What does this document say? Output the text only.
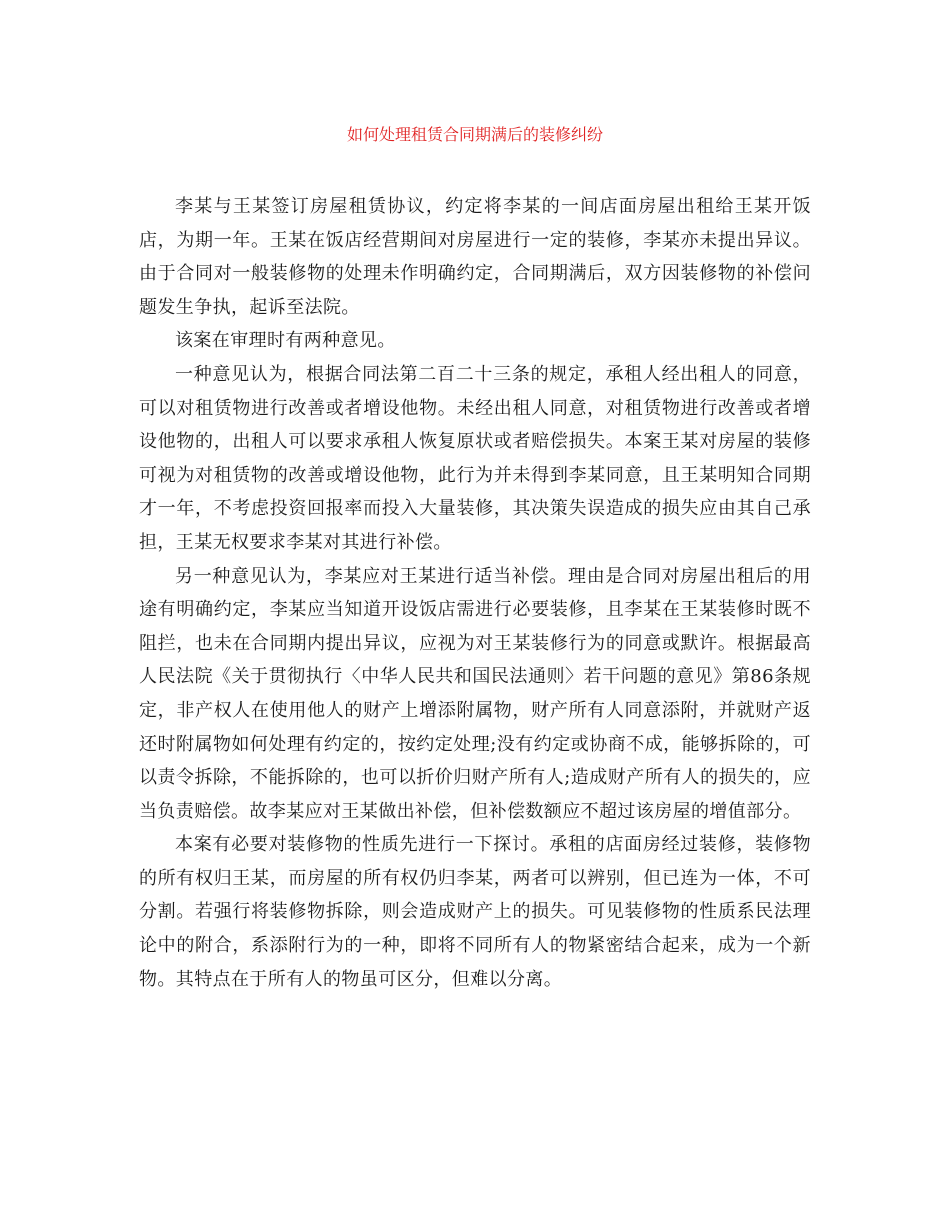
如何处理租赁合同期满后的装修纠纷

李某与王某签订房屋租赁协议，约定将李某的一间店面房屋出租给王某开饭店，为期一年。王某在饭店经营期间对房屋进行一定的装修，李某亦未提出异议。由于合同对一般装修物的处理未作明确约定，合同期满后，双方因装修物的补偿问题发生争执，起诉至法院。

该案在审理时有两种意见。

一种意见认为，根据合同法第二百二十三条的规定，承租人经出租人的同意，可以对租赁物进行改善或者增设他物。未经出租人同意，对租赁物进行改善或者增设他物的，出租人可以要求承租人恢复原状或者赔偿损失。本案王某对房屋的装修可视为对租赁物的改善或增设他物，此行为并未得到李某同意，且王某明知合同期才一年，不考虑投资回报率而投入大量装修，其决策失误造成的损失应由其自己承担，王某无权要求李某对其进行补偿。

另一种意见认为，李某应对王某进行适当补偿。理由是合同对房屋出租后的用途有明确约定，李某应当知道开设饭店需进行必要装修，且李某在王某装修时既不阻拦，也未在合同期内提出异议，应视为对王某装修行为的同意或默许。根据最高人民法院《关于贯彻执行〈中华人民共和国民法通则〉若干问题的意见》第86条规定，非产权人在使用他人的财产上增添附属物，财产所有人同意添附，并就财产返还时附属物如何处理有约定的，按约定处理;没有约定或协商不成，能够拆除的，可以责令拆除，不能拆除的，也可以折价归财产所有人;造成财产所有人的损失的，应当负责赔偿。故李某应对王某做出补偿，但补偿数额应不超过该房屋的增值部分。

本案有必要对装修物的性质先进行一下探讨。承租的店面房经过装修，装修物的所有权归王某，而房屋的所有权仍归李某，两者可以辨别，但已连为一体，不可分割。若强行将装修物拆除，则会造成财产上的损失。可见装修物的性质系民法理论中的附合，系添附行为的一种，即将不同所有人的物紧密结合起来，成为一个新物。其特点在于所有人的物虽可区分，但难以分离。
